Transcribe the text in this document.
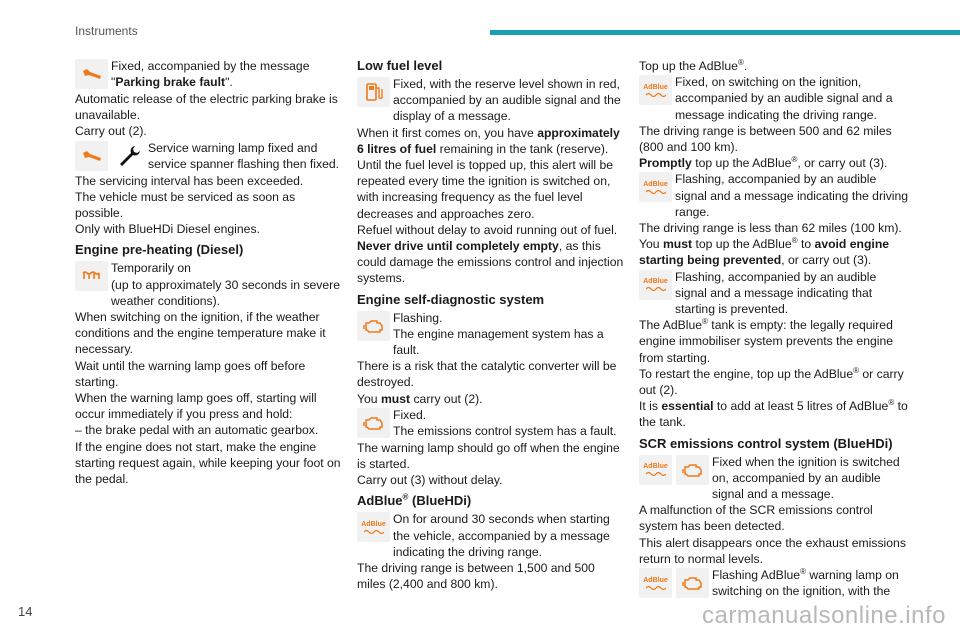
Instruments

Fixed, accompanied by the message "Parking brake fault".

Automatic release of the electric parking brake is unavailable.

Carry out (2).

Service warning lamp fixed and service spanner flashing then fixed.

The servicing interval has been exceeded.

The vehicle must be serviced as soon as possible.

Only with BlueHDi Diesel engines.

Engine pre-heating (Diesel)

Temporarily on

(up to approximately 30 seconds in severe weather conditions).

When switching on the ignition, if the weather conditions and the engine temperature make it necessary.

Wait until the warning lamp goes off before starting.

When the warning lamp goes off, starting will occur immediately if you press and hold:

– the brake pedal with an automatic gearbox.

If the engine does not start, make the engine starting request again, while keeping your foot on the pedal.

Low fuel level

Fixed, with the reserve level shown in red, accompanied by an audible signal and the display of a message.

When it first comes on, you have approximately 6 litres of fuel remaining in the tank (reserve).

Until the fuel level is topped up, this alert will be repeated every time the ignition is switched on, with increasing frequency as the fuel level decreases and approaches zero.

Refuel without delay to avoid running out of fuel.

Never drive until completely empty, as this could damage the emissions control and injection systems.

Engine self-diagnostic system

Flashing.

The engine management system has a fault.

There is a risk that the catalytic converter will be destroyed.

You must carry out (2).

Fixed.

The emissions control system has a fault.

The warning lamp should go off when the engine is started.

Carry out (3) without delay.

AdBlue® (BlueHDi)
AdBlue On for around 30 seconds when starting the vehicle, accompanied by a message indicating the driving range.

The driving range is between 1,500 and 500 miles (2,400 and 800 km).

Top up the AdBlue®.

AdBlue Fixed, on switching on the ignition, accompanied by an audible signal and a message indicating the driving range.

The driving range is between 500 and 62 miles (800 and 100 km).

Promptly top up the AdBlue®, or carry out (3).

AdBlue Flashing, accompanied by an audible signal and a message indicating the driving range.

The driving range is less than 62 miles (100 km).

You must top up the AdBlue® to avoid engine starting being prevented, or carry out (3).

AdBlue Flashing, accompanied by an audible signal and a message indicating that starting is prevented.

The AdBlue® tank is empty: the legally required engine immobiliser system prevents the engine from starting.

To restart the engine, top up the AdBlue® or carry out (2).

It is essential to add at least 5 litres of AdBlue® to the tank.

SCR emissions control system (BlueHDi)
AdBlue	Fixed when the ignition is switched on, accompanied by an audible signal and a message.

A malfunction of the SCR emissions control system has been detected.

This alert disappears once the exhaust emissions return to normal levels.

AdBlue	Flashing AdBlue® warning lamp on switching on the ignition, with the

14	carmanualsonline.info
